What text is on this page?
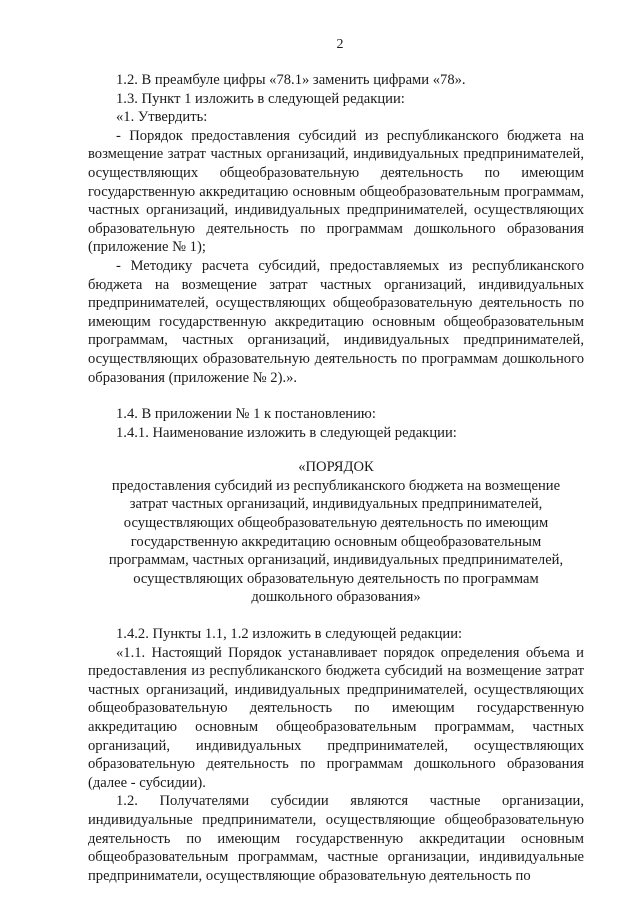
2

1.2. В преамбуле цифры «78.1» заменить цифрами «78».

1.3. Пункт 1 изложить в следующей редакции:

«1. Утвердить:

- Порядок предоставления субсидий из республиканского бюджета на возмещение затрат частных организаций, индивидуальных предпринимателей, осуществляющих общеобразовательную деятельность по имеющим государственную аккредитацию основным общеобразовательным программам, частных организаций, индивидуальных предпринимателей, осуществляющих образовательную деятельность по программам дошкольного образования (приложение № 1);

- Методику расчета субсидий, предоставляемых из республиканского бюджета на возмещение затрат частных организаций, индивидуальных предпринимателей, осуществляющих общеобразовательную деятельность по имеющим государственную аккредитацию основным общеобразовательным программам, частных организаций, индивидуальных предпринимателей, осуществляющих образовательную деятельность по программам дошкольного образования (приложение № 2).».

1.4. В приложении № 1 к постановлению:

1.4.1. Наименование изложить в следующей редакции:

«ПОРЯДОК
предоставления субсидий из республиканского бюджета на возмещение затрат частных организаций, индивидуальных предпринимателей, осуществляющих общеобразовательную деятельность по имеющим государственную аккредитацию основным общеобразовательным программам, частных организаций, индивидуальных предпринимателей, осуществляющих образовательную деятельность по программам дошкольного образования»

1.4.2. Пункты 1.1, 1.2 изложить в следующей редакции:

«1.1. Настоящий Порядок устанавливает порядок определения объема и предоставления из республиканского бюджета субсидий на возмещение затрат частных организаций, индивидуальных предпринимателей, осуществляющих общеобразовательную деятельность по имеющим государственную аккредитацию основным общеобразовательным программам, частных организаций, индивидуальных предпринимателей, осуществляющих образовательную деятельность по программам дошкольного образования (далее - субсидии).

1.2. Получателями субсидии являются частные организации, индивидуальные предприниматели, осуществляющие общеобразовательную деятельность по имеющим государственную аккредитации основным общеобразовательным программам, частные организации, индивидуальные предприниматели, осуществляющие образовательную деятельность по
